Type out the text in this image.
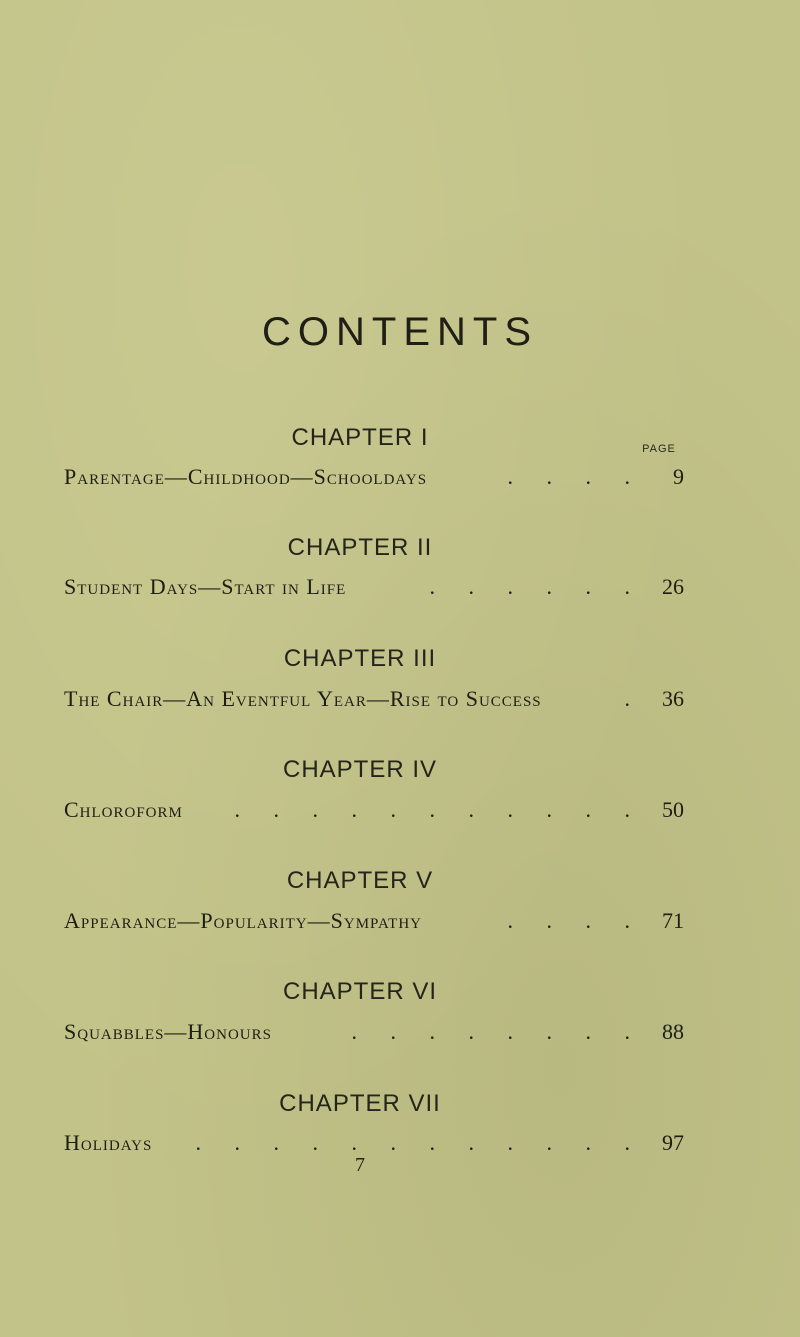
CONTENTS
PAGE
CHAPTER I
Parentage—Childhood—Schooldays	. . . .	9
CHAPTER II
Student Days—Start in Life	. . . . . . 26
CHAPTER III
The Chair—An Eventful Year—Rise to Success	. 36
CHAPTER IV
Chloroform . . . . . . . . . . . 50
CHAPTER V
Appearance—Popularity—Sympathy	. . . . 71
CHAPTER VI
Squabbles—Honours	. . . . . . . . 88
CHAPTER VII
Holidays . . . . . . . . . . . . 97
7
